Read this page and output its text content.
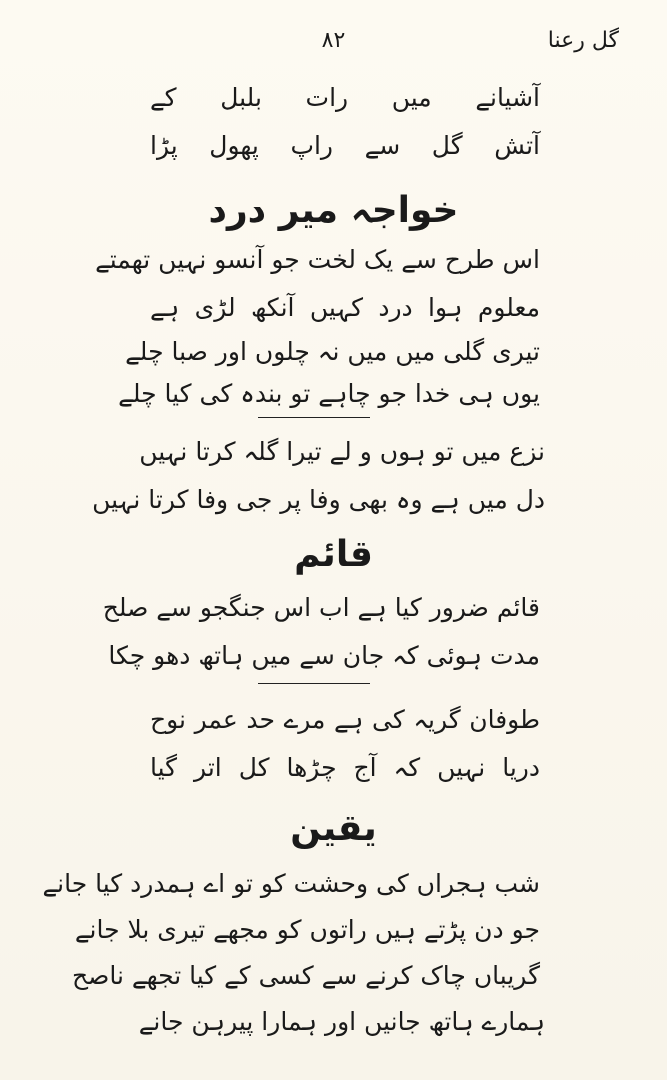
گل رعنا
۸۲
آشیانے میں رات بلبل کے
آتش گل سے راپ پھول پڑا
خواجہ میر درد
اس طرح سے یک لخت جو آنسو نہیں تھمتے
معلوم ہوا درد کہیں آنکھ لڑی ہے
تیری گلی میں میں نہ چلوں اور صبا چلے
یوں ہی خدا جو چاہے تو بندہ کی کیا چلے
نزع میں تو ہوں و لے تیرا گلہ کرتا نہیں
دل میں ہے وہ بھی وفا پر جی وفا کرتا نہیں
قائم
قائم ضرور کیا ہے اب اس جنگجو سے صلح
مدت ہوئی کہ جان سے میں ہاتھ دھو چکا
طوفان گریہ کی ہے مرے حد عمر نوح
دریا نہیں کہ آج چڑھا کل اتر گیا
یقین
شب ہجراں کی وحشت کو تو اے ہمدرد کیا جانے
جو دن پڑتے ہیں راتوں کو مجھے تیری بلا جانے
گریباں چاک کرنے سے کسی کے کیا تجھے ناصح
ہمارے ہاتھ جانیں اور ہمارا پیرہن جانے
